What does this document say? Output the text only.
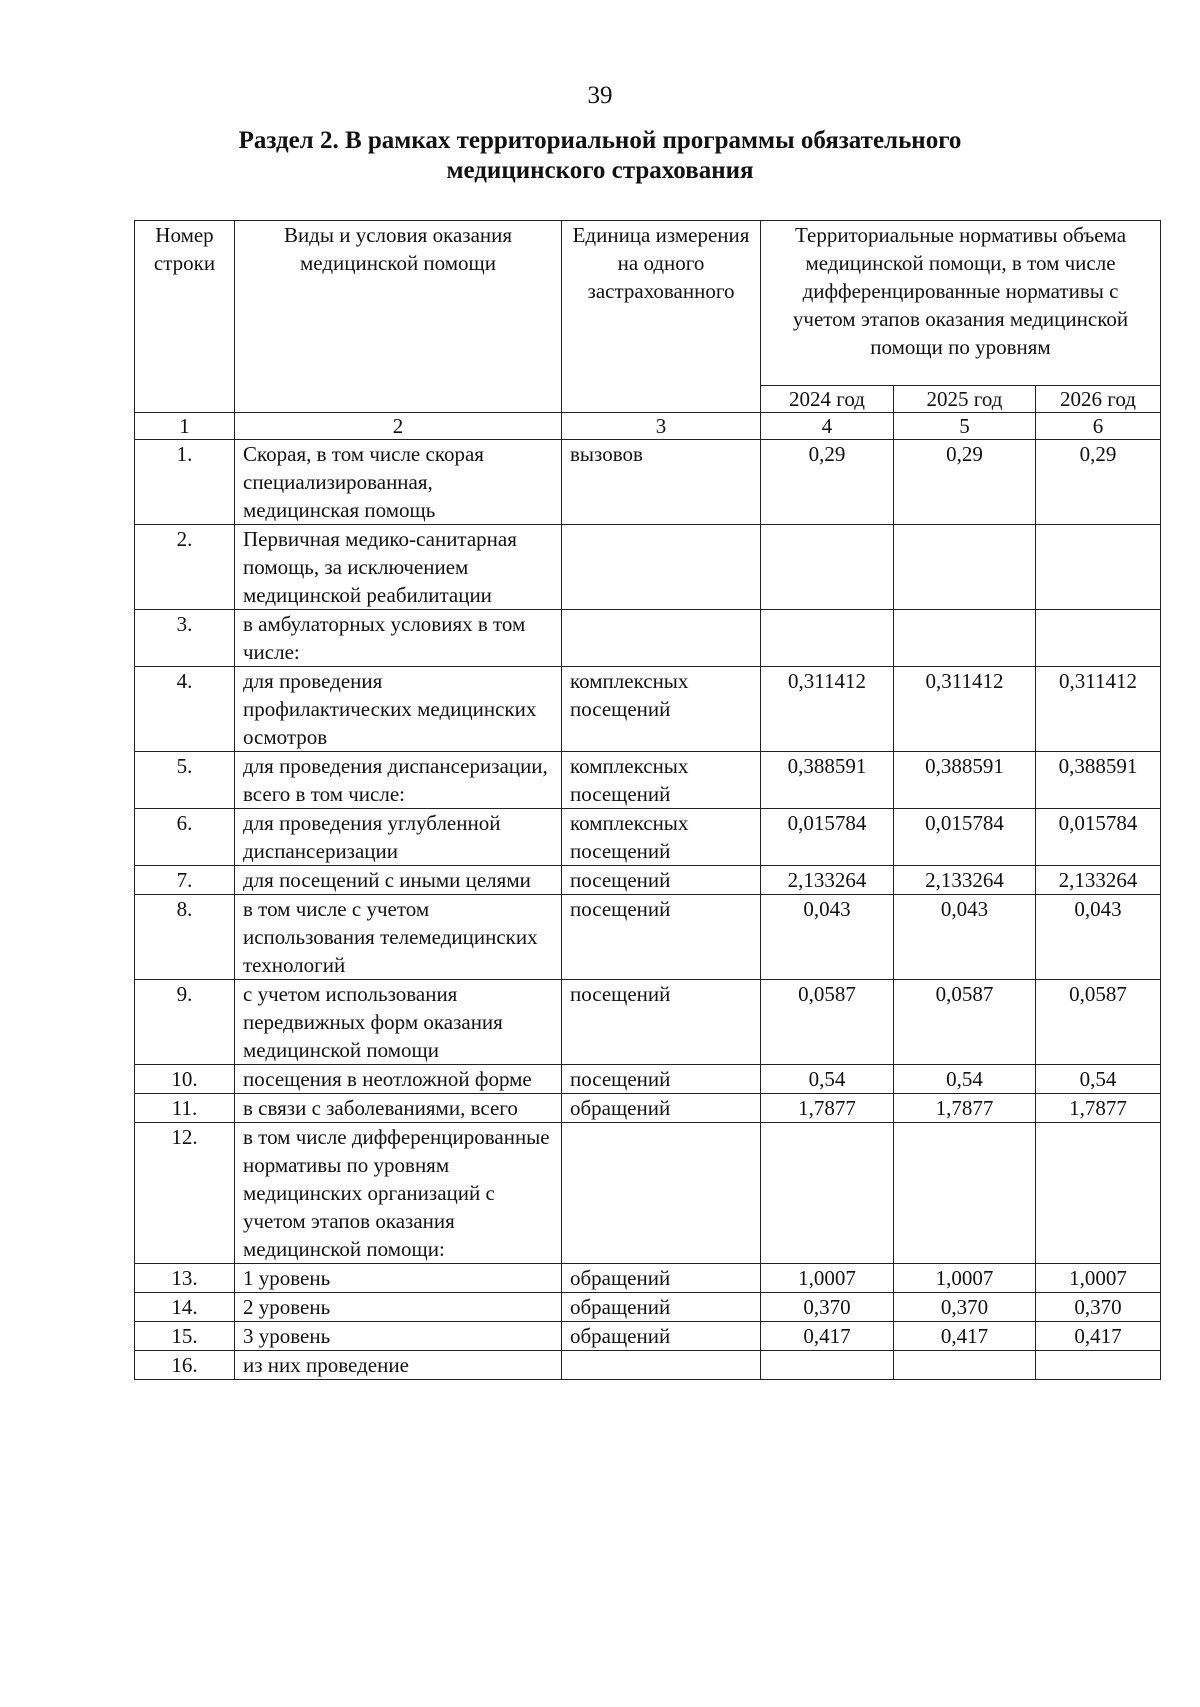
39
Раздел 2. В рамках территориальной программы обязательного
медицинского страхования
Номер строки	Виды и условия оказания медицинской помощи	Единица измерения на одного застрахованного	Территориальные нормативы объема медицинской помощи, в том числе дифференцированные нормативы с учетом этапов оказания медицинской помощи по уровням		
			2024 год	2025 год	2026 год
1	2	3	4	5	6
1.	Скорая, в том числе скорая специализированная, медицинская помощь	вызовов	0,29	0,29	0,29
2.	Первичная медико-санитарная помощь, за исключением медицинской реабилитации				
3.	в амбулаторных условиях в том числе:				
4.	для проведения профилактических медицинских осмотров	комплексных посещений	0,311412	0,311412	0,311412
5.	для проведения диспансеризации, всего в том числе:	комплексных посещений	0,388591	0,388591	0,388591
6.	для проведения углубленной диспансеризации	комплексных посещений	0,015784	0,015784	0,015784
7.	для посещений с иными целями	посещений	2,133264	2,133264	2,133264
8.	в том числе с учетом использования телемедицинских технологий	посещений	0,043	0,043	0,043
9.	с учетом использования передвижных форм оказания медицинской помощи	посещений	0,0587	0,0587	0,0587
10.	посещения в неотложной форме	посещений	0,54	0,54	0,54
11.	в связи с заболеваниями, всего	обращений	1,7877	1,7877	1,7877
12.	в том числе дифференцированные нормативы по уровням медицинских организаций с учетом этапов оказания медицинской помощи:				
13.	1 уровень	обращений	1,0007	1,0007	1,0007
14.	2 уровень	обращений	0,370	0,370	0,370
15.	3 уровень	обращений	0,417	0,417	0,417
16.	из них проведение				
